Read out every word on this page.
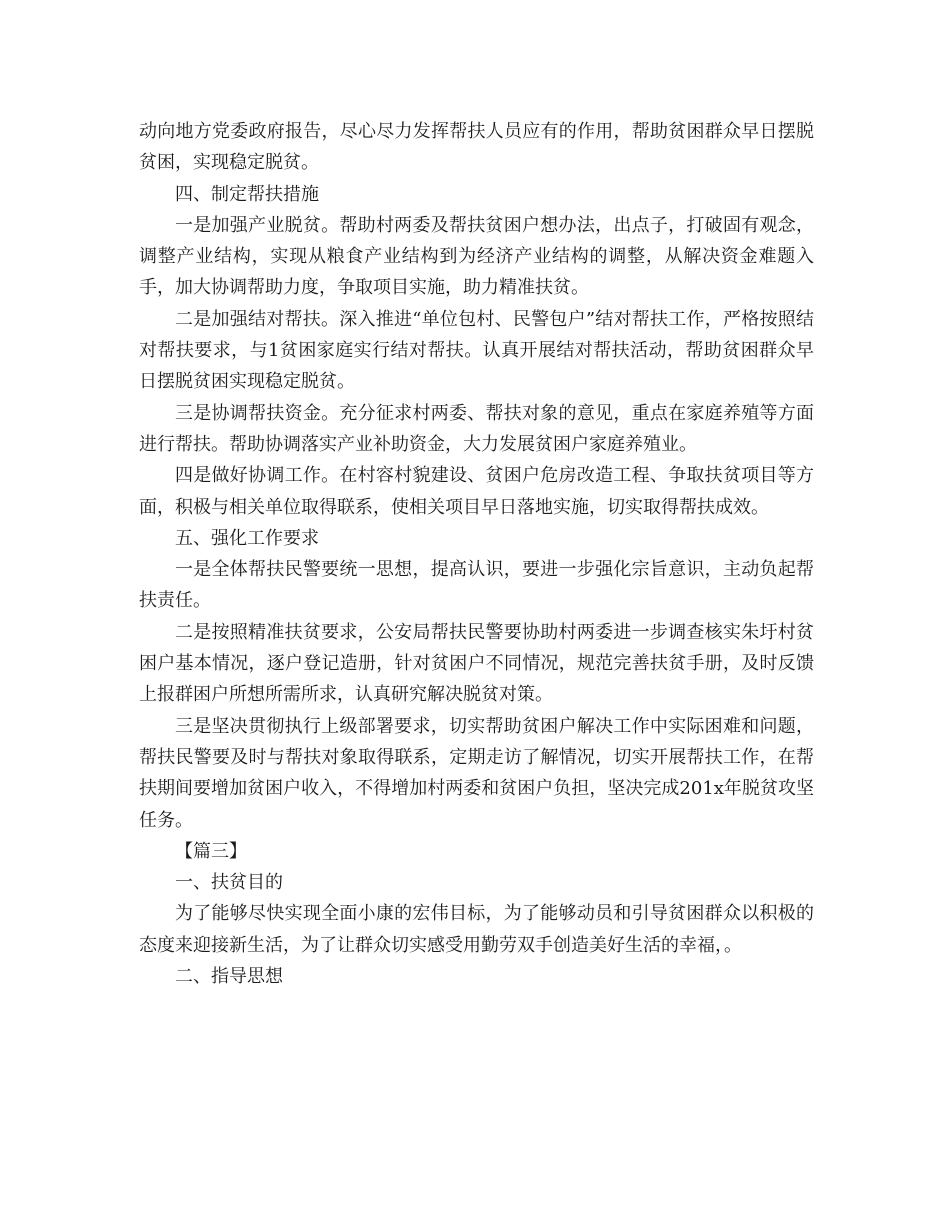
动向地方党委政府报告，尽心尽力发挥帮扶人员应有的作用，帮助贫困群众早日摆脱贫困，实现稳定脱贫。

四、制定帮扶措施

一是加强产业脱贫。帮助村两委及帮扶贫困户想办法，出点子，打破固有观念，调整产业结构，实现从粮食产业结构到为经济产业结构的调整，从解决资金难题入手，加大协调帮助力度，争取项目实施，助力精准扶贫。

二是加强结对帮扶。深入推进“单位包村、民警包户”结对帮扶工作，严格按照结对帮扶要求，与1贫困家庭实行结对帮扶。认真开展结对帮扶活动，帮助贫困群众早日摆脱贫困实现稳定脱贫。

三是协调帮扶资金。充分征求村两委、帮扶对象的意见，重点在家庭养殖等方面进行帮扶。帮助协调落实产业补助资金，大力发展贫困户家庭养殖业。

四是做好协调工作。在村容村貌建设、贫困户危房改造工程、争取扶贫项目等方面，积极与相关单位取得联系，使相关项目早日落地实施，切实取得帮扶成效。

五、强化工作要求

一是全体帮扶民警要统一思想，提高认识，要进一步强化宗旨意识，主动负起帮扶责任。

二是按照精准扶贫要求，公安局帮扶民警要协助村两委进一步调查核实朱圩村贫困户基本情况，逐户登记造册，针对贫困户不同情况，规范完善扶贫手册，及时反馈上报群困户所想所需所求，认真研究解决脱贫对策。

三是坚决贯彻执行上级部署要求，切实帮助贫困户解决工作中实际困难和问题，帮扶民警要及时与帮扶对象取得联系，定期走访了解情况，切实开展帮扶工作，在帮扶期间要增加贫困户收入，不得增加村两委和贫困户负担，坚决完成201x年脱贫攻坚任务。

【篇三】

一、扶贫目的

为了能够尽快实现全面小康的宏伟目标，为了能够动员和引导贫困群众以积极的态度来迎接新生活，为了让群众切实感受用勤劳双手创造美好生活的幸福，。

二、指导思想
